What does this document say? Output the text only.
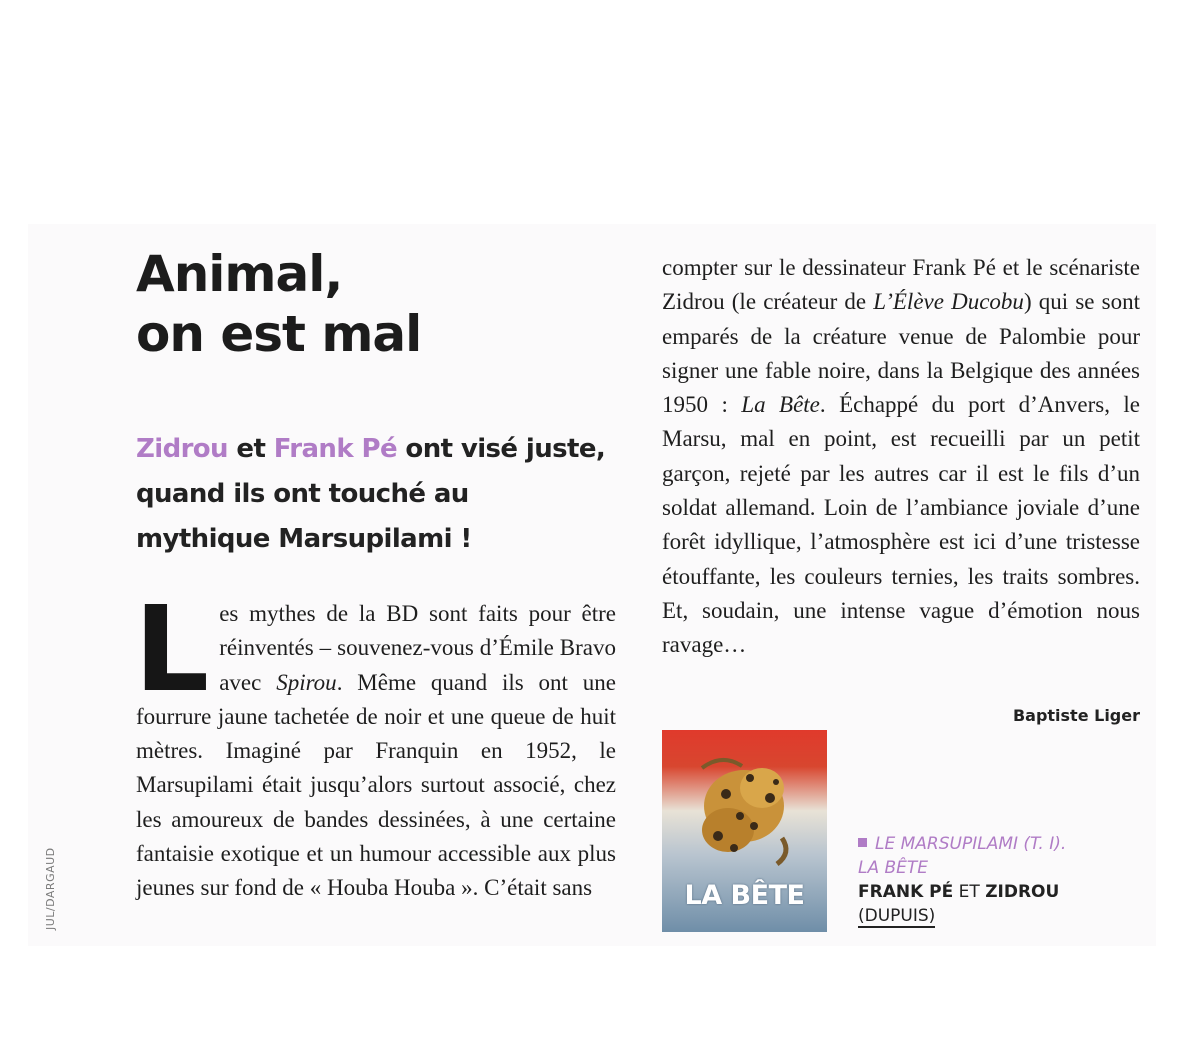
JUL/DARGAUD
Animal,
on est mal

Zidrou et Frank Pé ont visé juste, quand ils ont touché au mythique Marsupilami !

L es mythes de la BD sont faits pour être réinventés – souvenez-vous d’Émile Bravo avec Spirou. Même quand ils ont une fourrure jaune tachetée de noir et une queue de huit mètres. Imaginé par Franquin en 1952, le Marsupilami était jusqu’alors surtout associé, chez les amoureux de bandes dessinées, à une certaine fantaisie exotique et un humour accessible aux plus jeunes sur fond de « Houba Houba ». C’était sans

compter sur le dessinateur Frank Pé et le scénariste Zidrou (le créateur de L’Élève Ducobu) qui se sont emparés de la créature venue de Palombie pour signer une fable noire, dans la Belgique des années 1950 : La Bête. Échappé du port d’Anvers, le Marsu, mal en point, est recueilli par un petit garçon, rejeté par les autres car il est le fils d’un soldat allemand. Loin de l’ambiance joviale d’une forêt idyllique, l’atmosphère est ici d’une tristesse étouffante, les couleurs ternies, les traits sombres. Et, soudain, une intense vague d’émotion nous ravage…

Baptiste Liger
LA BÊTE
LE MARSUPILAMI (T. I).
LA BÊTE
FRANK PÉ ET ZIDROU
(DUPUIS)
